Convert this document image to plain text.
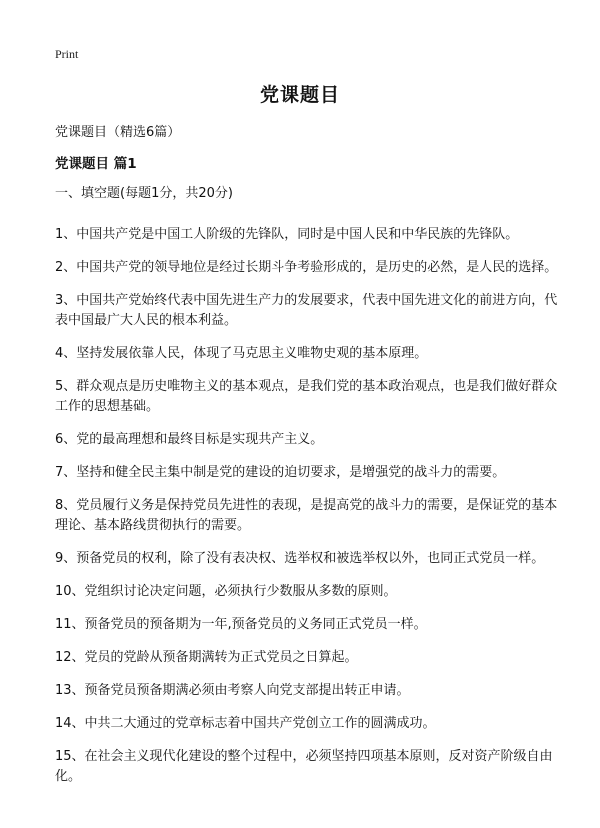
Print
党课题目
党课题目（精选6篇）
党课题目 篇1
一、填空题(每题1分，共20分)

1、中国共产党是中国工人阶级的先锋队，同时是中国人民和中华民族的先锋队。

2、中国共产党的领导地位是经过长期斗争考验形成的，是历史的必然，是人民的选择。

3、中国共产党始终代表中国先进生产力的发展要求，代表中国先进文化的前进方向，代表中国最广大人民的根本利益。

4、坚持发展依靠人民，体现了马克思主义唯物史观的基本原理。

5、群众观点是历史唯物主义的基本观点，是我们党的基本政治观点，也是我们做好群众工作的思想基础。

6、党的最高理想和最终目标是实现共产主义。

7、坚持和健全民主集中制是党的建设的迫切要求，是增强党的战斗力的需要。

8、党员履行义务是保持党员先进性的表现，是提高党的战斗力的需要，是保证党的基本理论、基本路线贯彻执行的需要。

9、预备党员的权利，除了没有表决权、选举权和被选举权以外，也同正式党员一样。

10、党组织讨论决定问题，必须执行少数服从多数的原则。

11、预备党员的预备期为一年,预备党员的义务同正式党员一样。

12、党员的党龄从预备期满转为正式党员之日算起。

13、预备党员预备期满必须由考察人向党支部提出转正申请。

14、中共二大通过的党章标志着中国共产党创立工作的圆满成功。

15、在社会主义现代化建设的整个过程中，必须坚持四项基本原则，反对资产阶级自由化。
